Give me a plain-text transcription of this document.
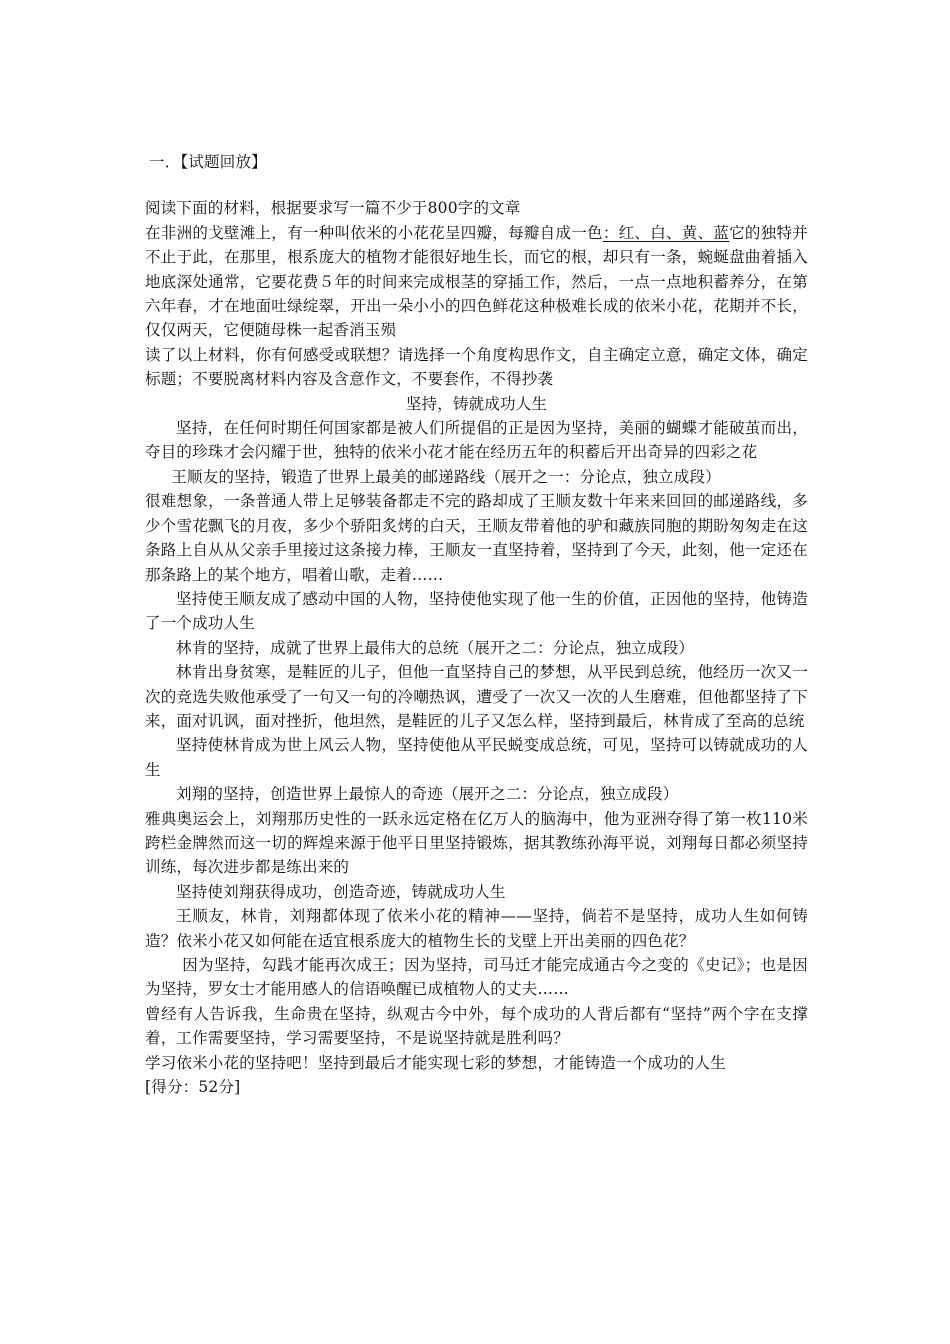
一．【试题回放】
阅读下面的材料，根据要求写一篇不少于800字的文章
在非洲的戈壁滩上，有一种叫依米的小花花呈四瓣，每瓣自成一色：红、白、黄、蓝它的独特并不止于此，在那里，根系庞大的植物才能很好地生长，而它的根，却只有一条，蜿蜒盘曲着插入地底深处通常，它要花费５年的时间来完成根茎的穿插工作，然后，一点一点地积蓄养分，在第六年春，才在地面吐绿绽翠，开出一朵小小的四色鲜花这种极难长成的依米小花，花期并不长，仅仅两天，它便随母株一起香消玉殒
读了以上材料，你有何感受或联想？请选择一个角度构思作文，自主确定立意，确定文体，确定标题；不要脱离材料内容及含意作文，不要套作，不得抄袭
坚持，铸就成功人生
坚持，在任何时期任何国家都是被人们所提倡的正是因为坚持，美丽的蝴蝶才能破茧而出，夺目的珍珠才会闪耀于世，独特的依米小花才能在经历五年的积蓄后开出奇异的四彩之花
王顺友的坚持，锻造了世界上最美的邮递路线（展开之一：分论点，独立成段）
很难想象，一条普通人带上足够装备都走不完的路却成了王顺友数十年来来回回的邮递路线，多少个雪花飘飞的月夜，多少个骄阳炙烤的白天，王顺友带着他的驴和藏族同胞的期盼匆匆走在这条路上自从从父亲手里接过这条接力棒，王顺友一直坚持着，坚持到了今天，此刻，他一定还在那条路上的某个地方，唱着山歌，走着……
坚持使王顺友成了感动中国的人物，坚持使他实现了他一生的价值，正因他的坚持，他铸造了一个成功人生
林肯的坚持，成就了世界上最伟大的总统（展开之二：分论点，独立成段）
林肯出身贫寒，是鞋匠的儿子，但他一直坚持自己的梦想，从平民到总统，他经历一次又一次的竞选失败他承受了一句又一句的冷嘲热讽，遭受了一次又一次的人生磨难，但他都坚持了下来，面对讥讽，面对挫折，他坦然，是鞋匠的儿子又怎么样，坚持到最后，林肯成了至高的总统
坚持使林肯成为世上风云人物，坚持使他从平民蜕变成总统，可见，坚持可以铸就成功的人生
刘翔的坚持，创造世界上最惊人的奇迹（展开之二：分论点，独立成段）
雅典奥运会上，刘翔那历史性的一跃永远定格在亿万人的脑海中，他为亚洲夺得了第一枚110米跨栏金牌然而这一切的辉煌来源于他平日里坚持锻炼，据其教练孙海平说，刘翔每日都必须坚持训练，每次进步都是练出来的
坚持使刘翔获得成功，创造奇迹，铸就成功人生
王顺友，林肯，刘翔都体现了依米小花的精神——坚持，倘若不是坚持，成功人生如何铸造？依米小花又如何能在适宜根系庞大的植物生长的戈壁上开出美丽的四色花？
因为坚持，勾践才能再次成王；因为坚持，司马迁才能完成通古今之变的《史记》；也是因为坚持，罗女士才能用感人的信语唤醒已成植物人的丈夫……
曾经有人告诉我，生命贵在坚持，纵观古今中外，每个成功的人背后都有“坚持”两个字在支撑着，工作需要坚持，学习需要坚持，不是说坚持就是胜利吗？
学习依米小花的坚持吧！坚持到最后才能实现七彩的梦想，才能铸造一个成功的人生
[得分：52分]
